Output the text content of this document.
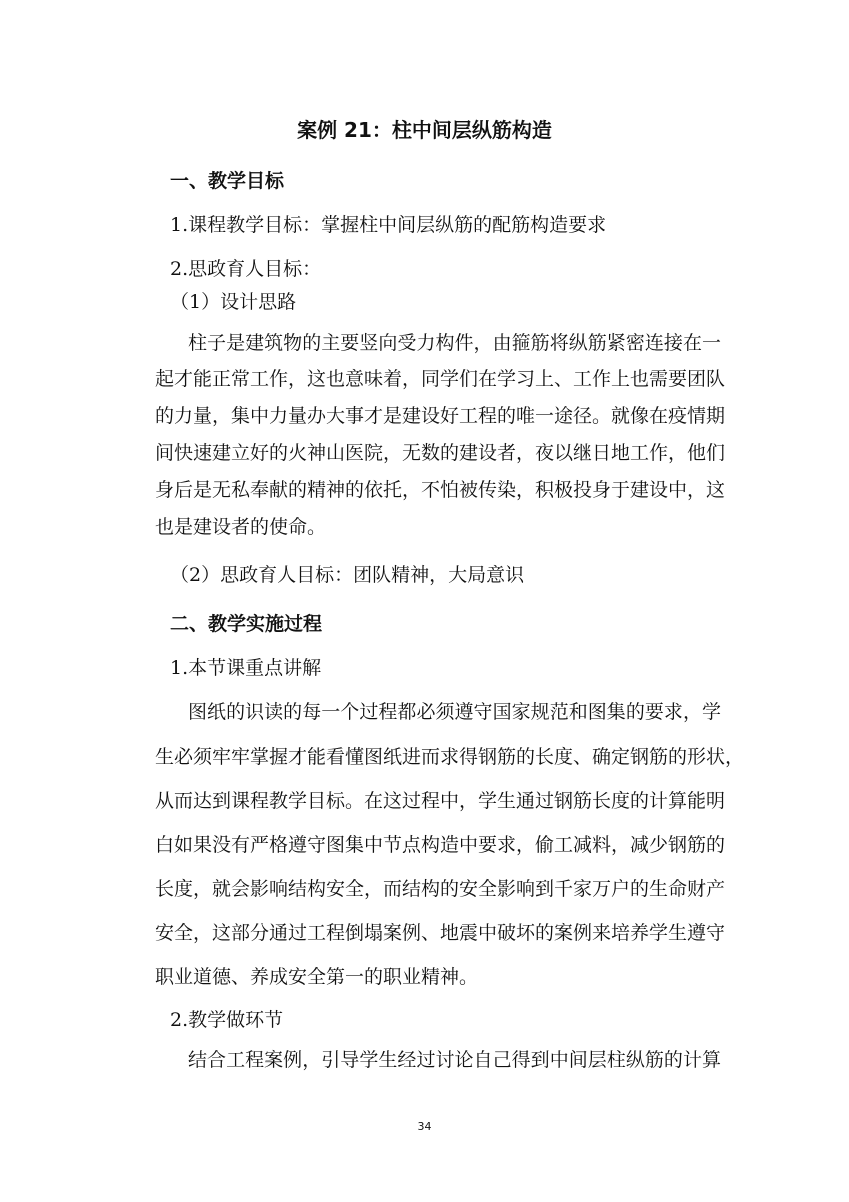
案例 21：柱中间层纵筋构造
一、教学目标
1.课程教学目标：掌握柱中间层纵筋的配筋构造要求
2.思政育人目标：
（1）设计思路
柱子是建筑物的主要竖向受力构件，由箍筋将纵筋紧密连接在一
起才能正常工作，这也意味着，同学们在学习上、工作上也需要团队
的力量，集中力量办大事才是建设好工程的唯一途径。就像在疫情期
间快速建立好的火神山医院，无数的建设者，夜以继日地工作，他们
身后是无私奉献的精神的依托，不怕被传染，积极投身于建设中，这
也是建设者的使命。
（2）思政育人目标：团队精神，大局意识
二、教学实施过程
1.本节课重点讲解
图纸的识读的每一个过程都必须遵守国家规范和图集的要求，学
生必须牢牢掌握才能看懂图纸进而求得钢筋的长度、确定钢筋的形状，
从而达到课程教学目标。在这过程中，学生通过钢筋长度的计算能明
白如果没有严格遵守图集中节点构造中要求，偷工减料，减少钢筋的
长度，就会影响结构安全，而结构的安全影响到千家万户的生命财产
安全，这部分通过工程倒塌案例、地震中破坏的案例来培养学生遵守
职业道德、养成安全第一的职业精神。
2.教学做环节
结合工程案例，引导学生经过讨论自己得到中间层柱纵筋的计算
34
